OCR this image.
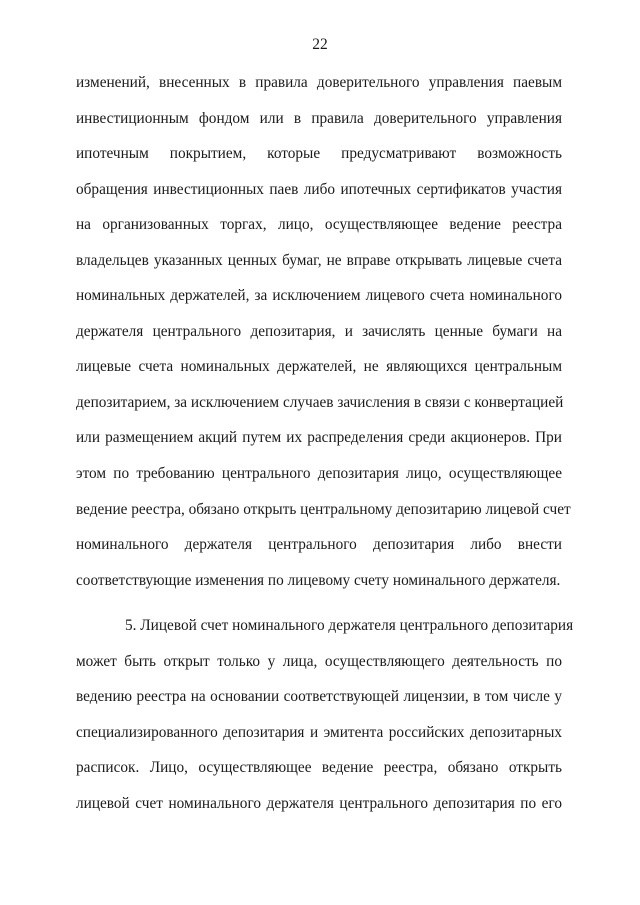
22
изменений, внесенных в правила доверительного управления паевым
инвестиционным фондом или в правила доверительного управления
ипотечным покрытием, которые предусматривают возможность
обращения инвестиционных паев либо ипотечных сертификатов участия
на организованных торгах, лицо, осуществляющее ведение реестра
владельцев указанных ценных бумаг, не вправе открывать лицевые счета
номинальных держателей, за исключением лицевого счета номинального
держателя центрального депозитария, и зачислять ценные бумаги на
лицевые счета номинальных держателей, не являющихся центральным
депозитарием, за исключением случаев зачисления в связи с конвертацией
или размещением акций путем их распределения среди акционеров. При
этом по требованию центрального депозитария лицо, осуществляющее
ведение реестра, обязано открыть центральному депозитарию лицевой счет
номинального держателя центрального депозитария либо внести
соответствующие изменения по лицевому счету номинального держателя.
5. Лицевой счет номинального держателя центрального депозитария
может быть открыт только у лица, осуществляющего деятельность по
ведению реестра на основании соответствующей лицензии, в том числе у
специализированного депозитария и эмитента российских депозитарных
расписок. Лицо, осуществляющее ведение реестра, обязано открыть
лицевой счет номинального держателя центрального депозитария по его
